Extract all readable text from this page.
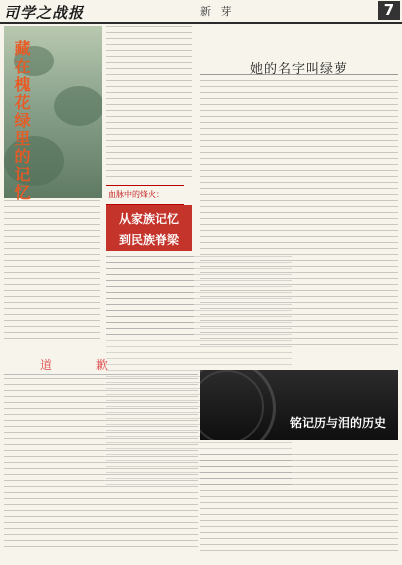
司学之战报	新 芽	7
藏在槐花绿里的记忆	血脉中的烽火：
从家族记忆
到民族脊梁
她的名字叫绿萝
道 歉
铭记历与泪的历史
